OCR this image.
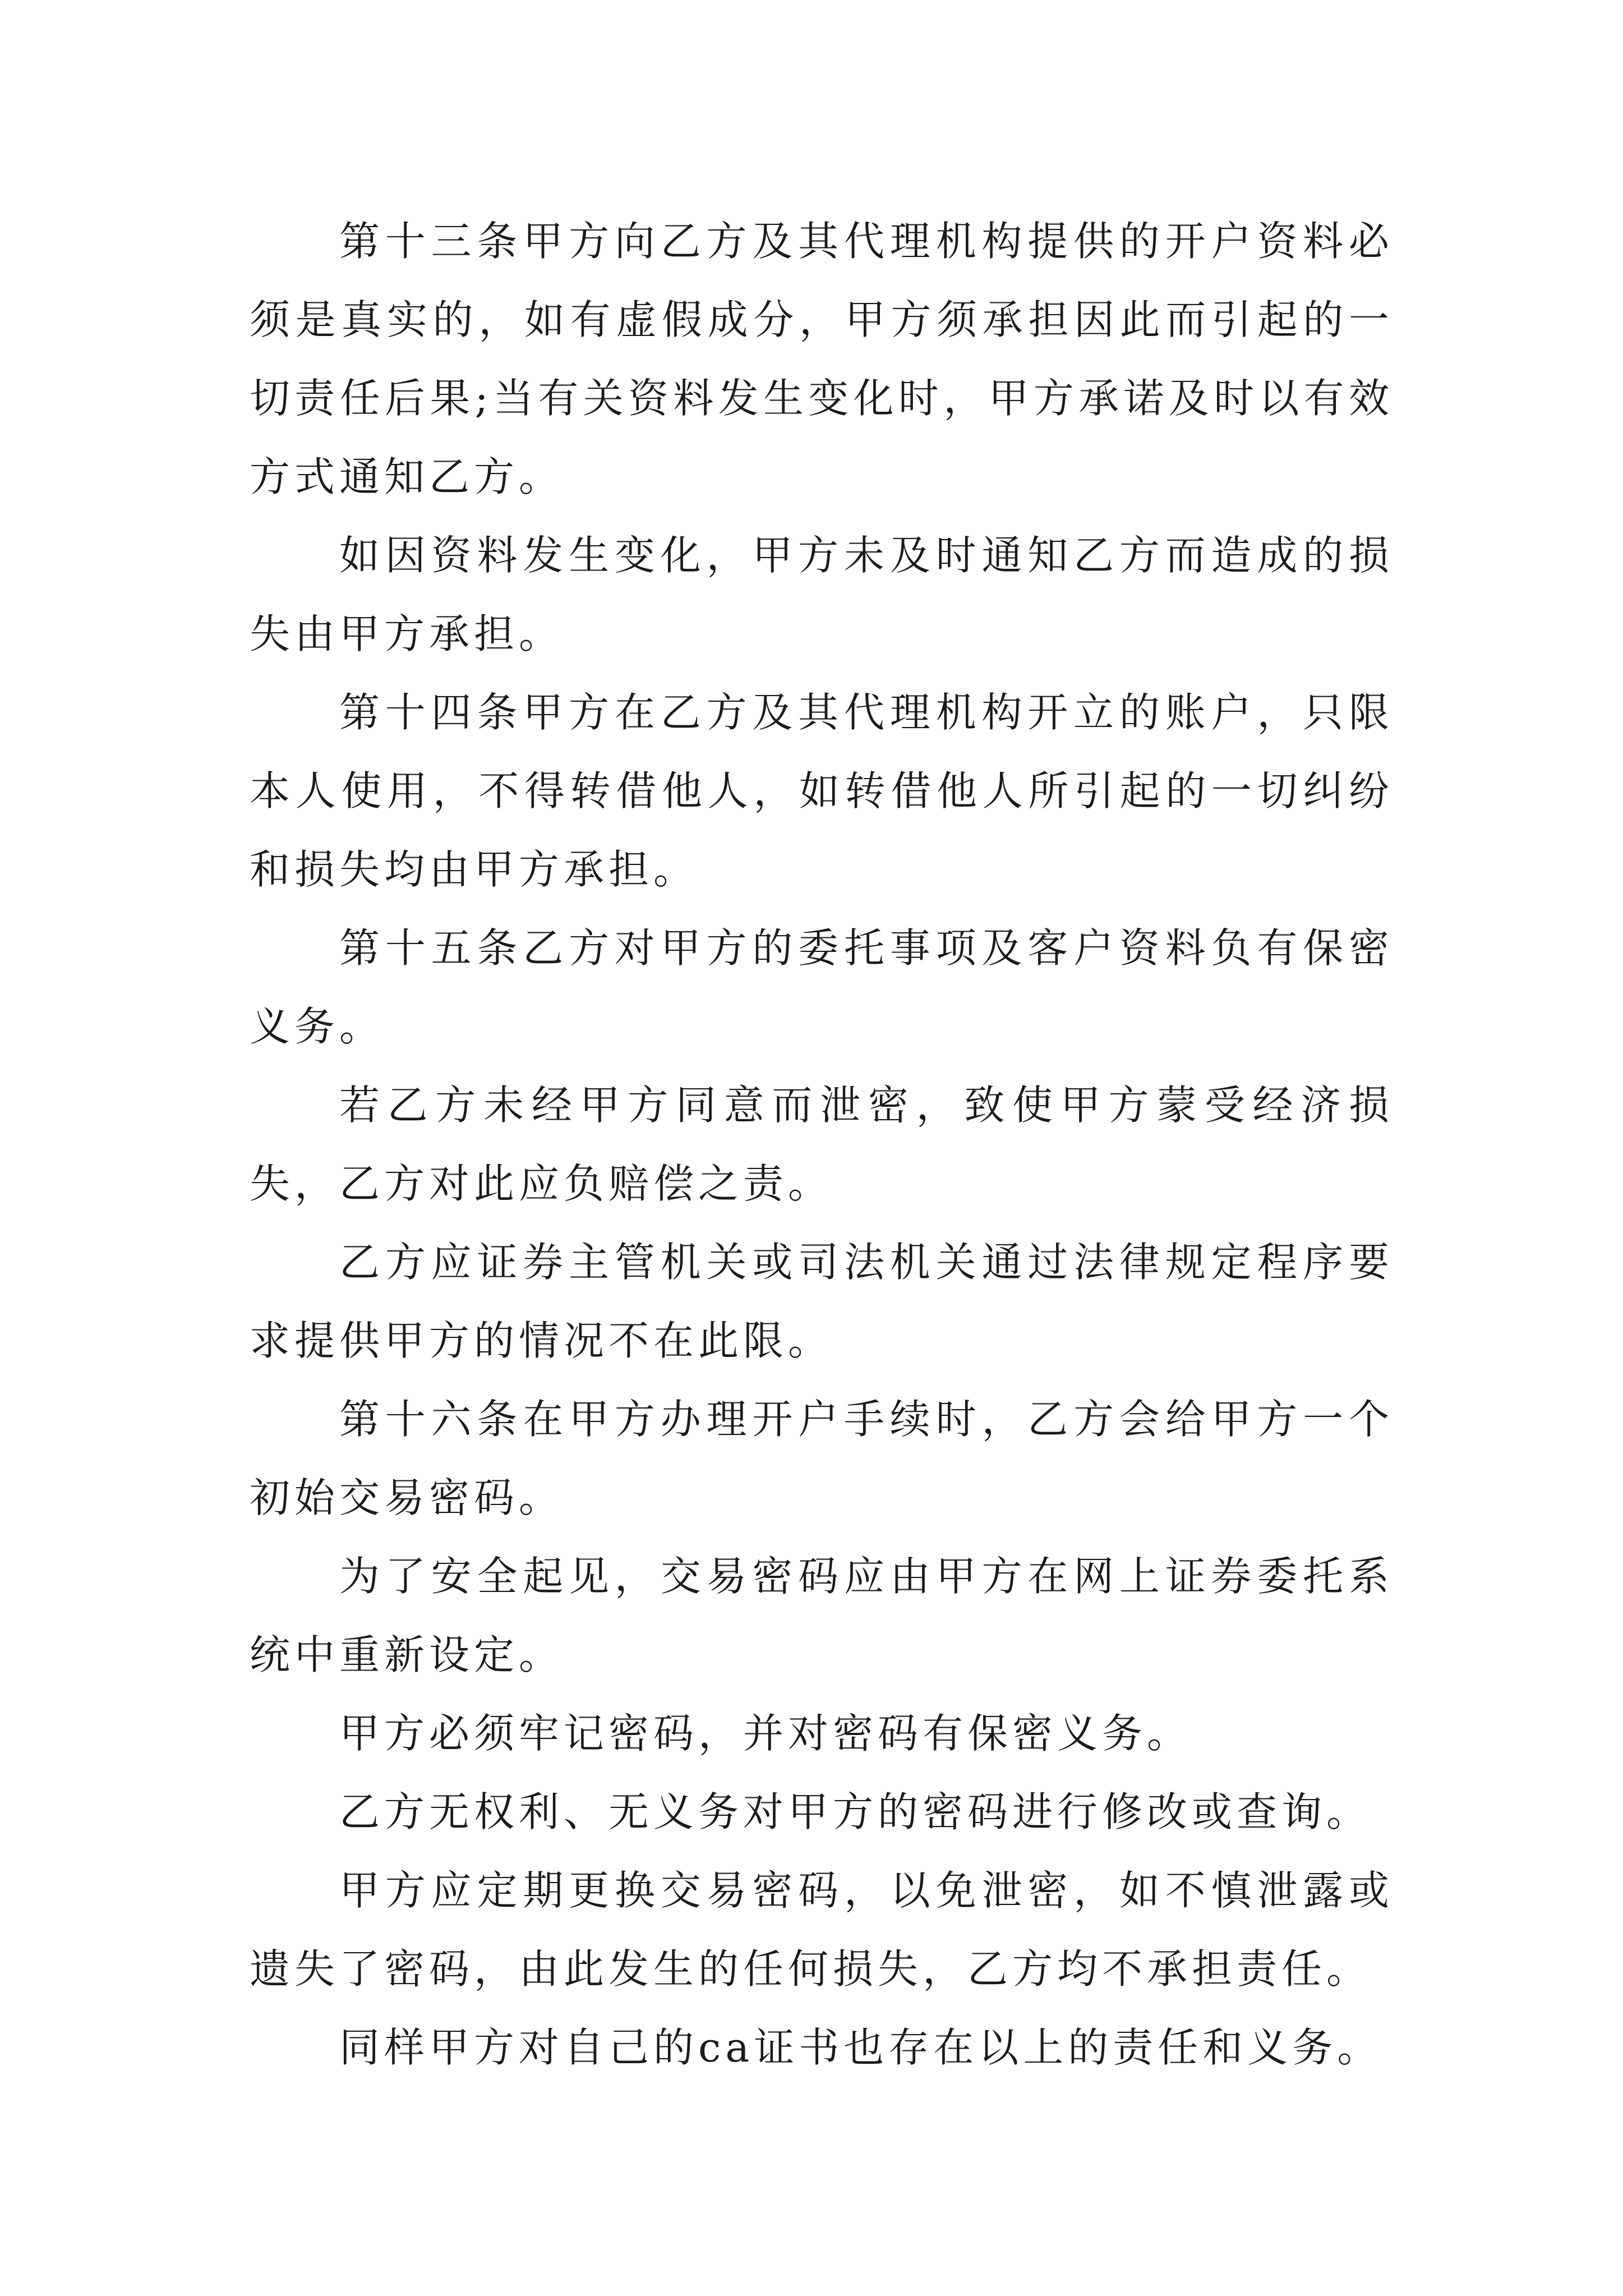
第十三条甲方向乙方及其代理机构提供的开户资料必须是真实的，如有虚假成分，甲方须承担因此而引起的一切责任后果;当有关资料发生变化时，甲方承诺及时以有效方式通知乙方。

如因资料发生变化，甲方未及时通知乙方而造成的损失由甲方承担。

第十四条甲方在乙方及其代理机构开立的账户，只限本人使用，不得转借他人，如转借他人所引起的一切纠纷和损失均由甲方承担。

第十五条乙方对甲方的委托事项及客户资料负有保密义务。

若乙方未经甲方同意而泄密，致使甲方蒙受经济损失，乙方对此应负赔偿之责。

乙方应证券主管机关或司法机关通过法律规定程序要求提供甲方的情况不在此限。

第十六条在甲方办理开户手续时，乙方会给甲方一个初始交易密码。

为了安全起见，交易密码应由甲方在网上证券委托系统中重新设定。

甲方必须牢记密码，并对密码有保密义务。

乙方无权利、无义务对甲方的密码进行修改或查询。

甲方应定期更换交易密码，以免泄密，如不慎泄露或遗失了密码，由此发生的任何损失，乙方均不承担责任。

同样甲方对自己的ca证书也存在以上的责任和义务。
